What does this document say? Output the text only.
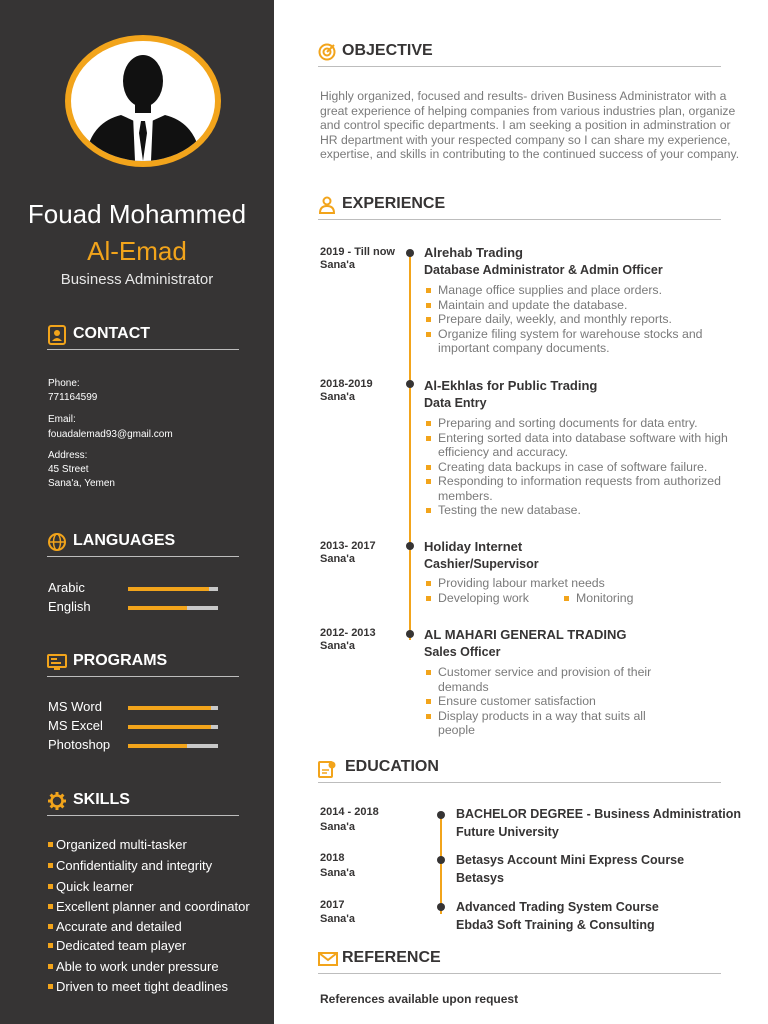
Fouad Mohammed
Al-Emad
Business Administrator
CONTACT
Phone:
771164599
Email:
fouadalemad93@gmail.com
Address:
45 Street
Sana'a, Yemen
LANGUAGES
Arabic
English
PROGRAMS
MS Word
MS Excel
Photoshop
SKILLS
Organized multi-tasker
Confidentiality and integrity
Quick learner
Excellent planner and coordinator
Accurate and detailed
Dedicated team player
Able to work under pressure
Driven to meet tight deadlines
OBJECTIVE
Highly organized, focused and results- driven Business Administrator with a great experience of helping companies from various industries plan, organize and control specific departments. I am seeking a position in adminstration or HR department with your respected company so I can share my experience, expertise, and skills in contributing to the continued success of your company.
EXPERIENCE
2019 - Till now
Sana'a
Alrehab Trading
Database Administrator & Admin Officer
Manage office supplies and place orders.
Maintain and update the database.
Prepare daily, weekly, and monthly reports.
Organize filing system for warehouse stocks and important company documents.
2018-2019
Sana'a
Al-Ekhlas for Public Trading
Data Entry
Preparing and sorting documents for data entry.
Entering sorted data into database software with high efficiency and accuracy.
Creating data backups in case of software failure.
Responding to information requests from authorized members.
Testing the new database.
2013- 2017
Sana'a
Holiday Internet
Cashier/Supervisor
Providing labour market needs
Developing work	Monitoring
2012- 2013
Sana'a
AL MAHARI GENERAL TRADING
Sales Officer
Customer service and provision of their demands
Ensure customer satisfaction
Display products in a way that suits all people
EDUCATION
2014 - 2018
Sana'a
BACHELOR DEGREE - Business Administration
Future University
2018
Sana'a
Betasys Account Mini Express Course
Betasys
2017
Sana'a
Advanced Trading System Course
Ebda3 Soft Training & Consulting
REFERENCE
References available upon request
